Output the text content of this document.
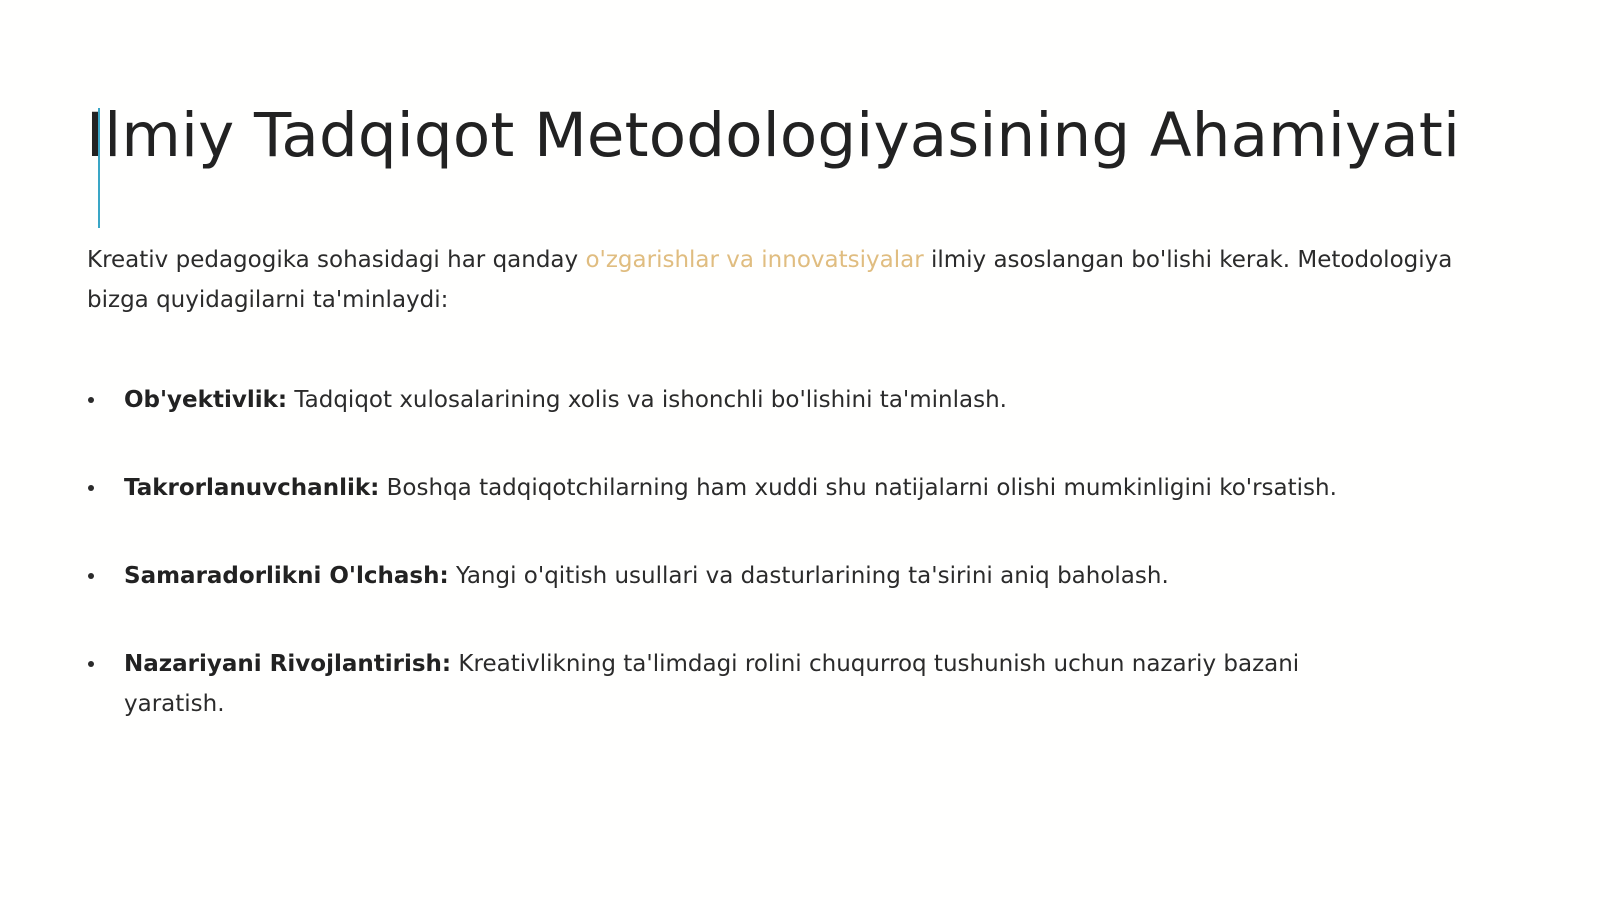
Ilmiy Tadqiqot Metodologiyasining Ahamiyati

Kreativ pedagogika sohasidagi har qanday o'zgarishlar va innovatsiyalar ilmiy asoslangan bo'lishi kerak. Metodologiya bizga quyidagilarni ta'minlaydi:

Ob'yektivlik: Tadqiqot xulosalarining xolis va ishonchli bo'lishini ta'minlash.
Takrorlanuvchanlik: Boshqa tadqiqotchilarning ham xuddi shu natijalarni olishi mumkinligini ko'rsatish.
Samaradorlikni O'lchash: Yangi o'qitish usullari va dasturlarining ta'sirini aniq baholash.
Nazariyani Rivojlantirish: Kreativlikning ta'limdagi rolini chuqurroq tushunish uchun nazariy bazani yaratish.
